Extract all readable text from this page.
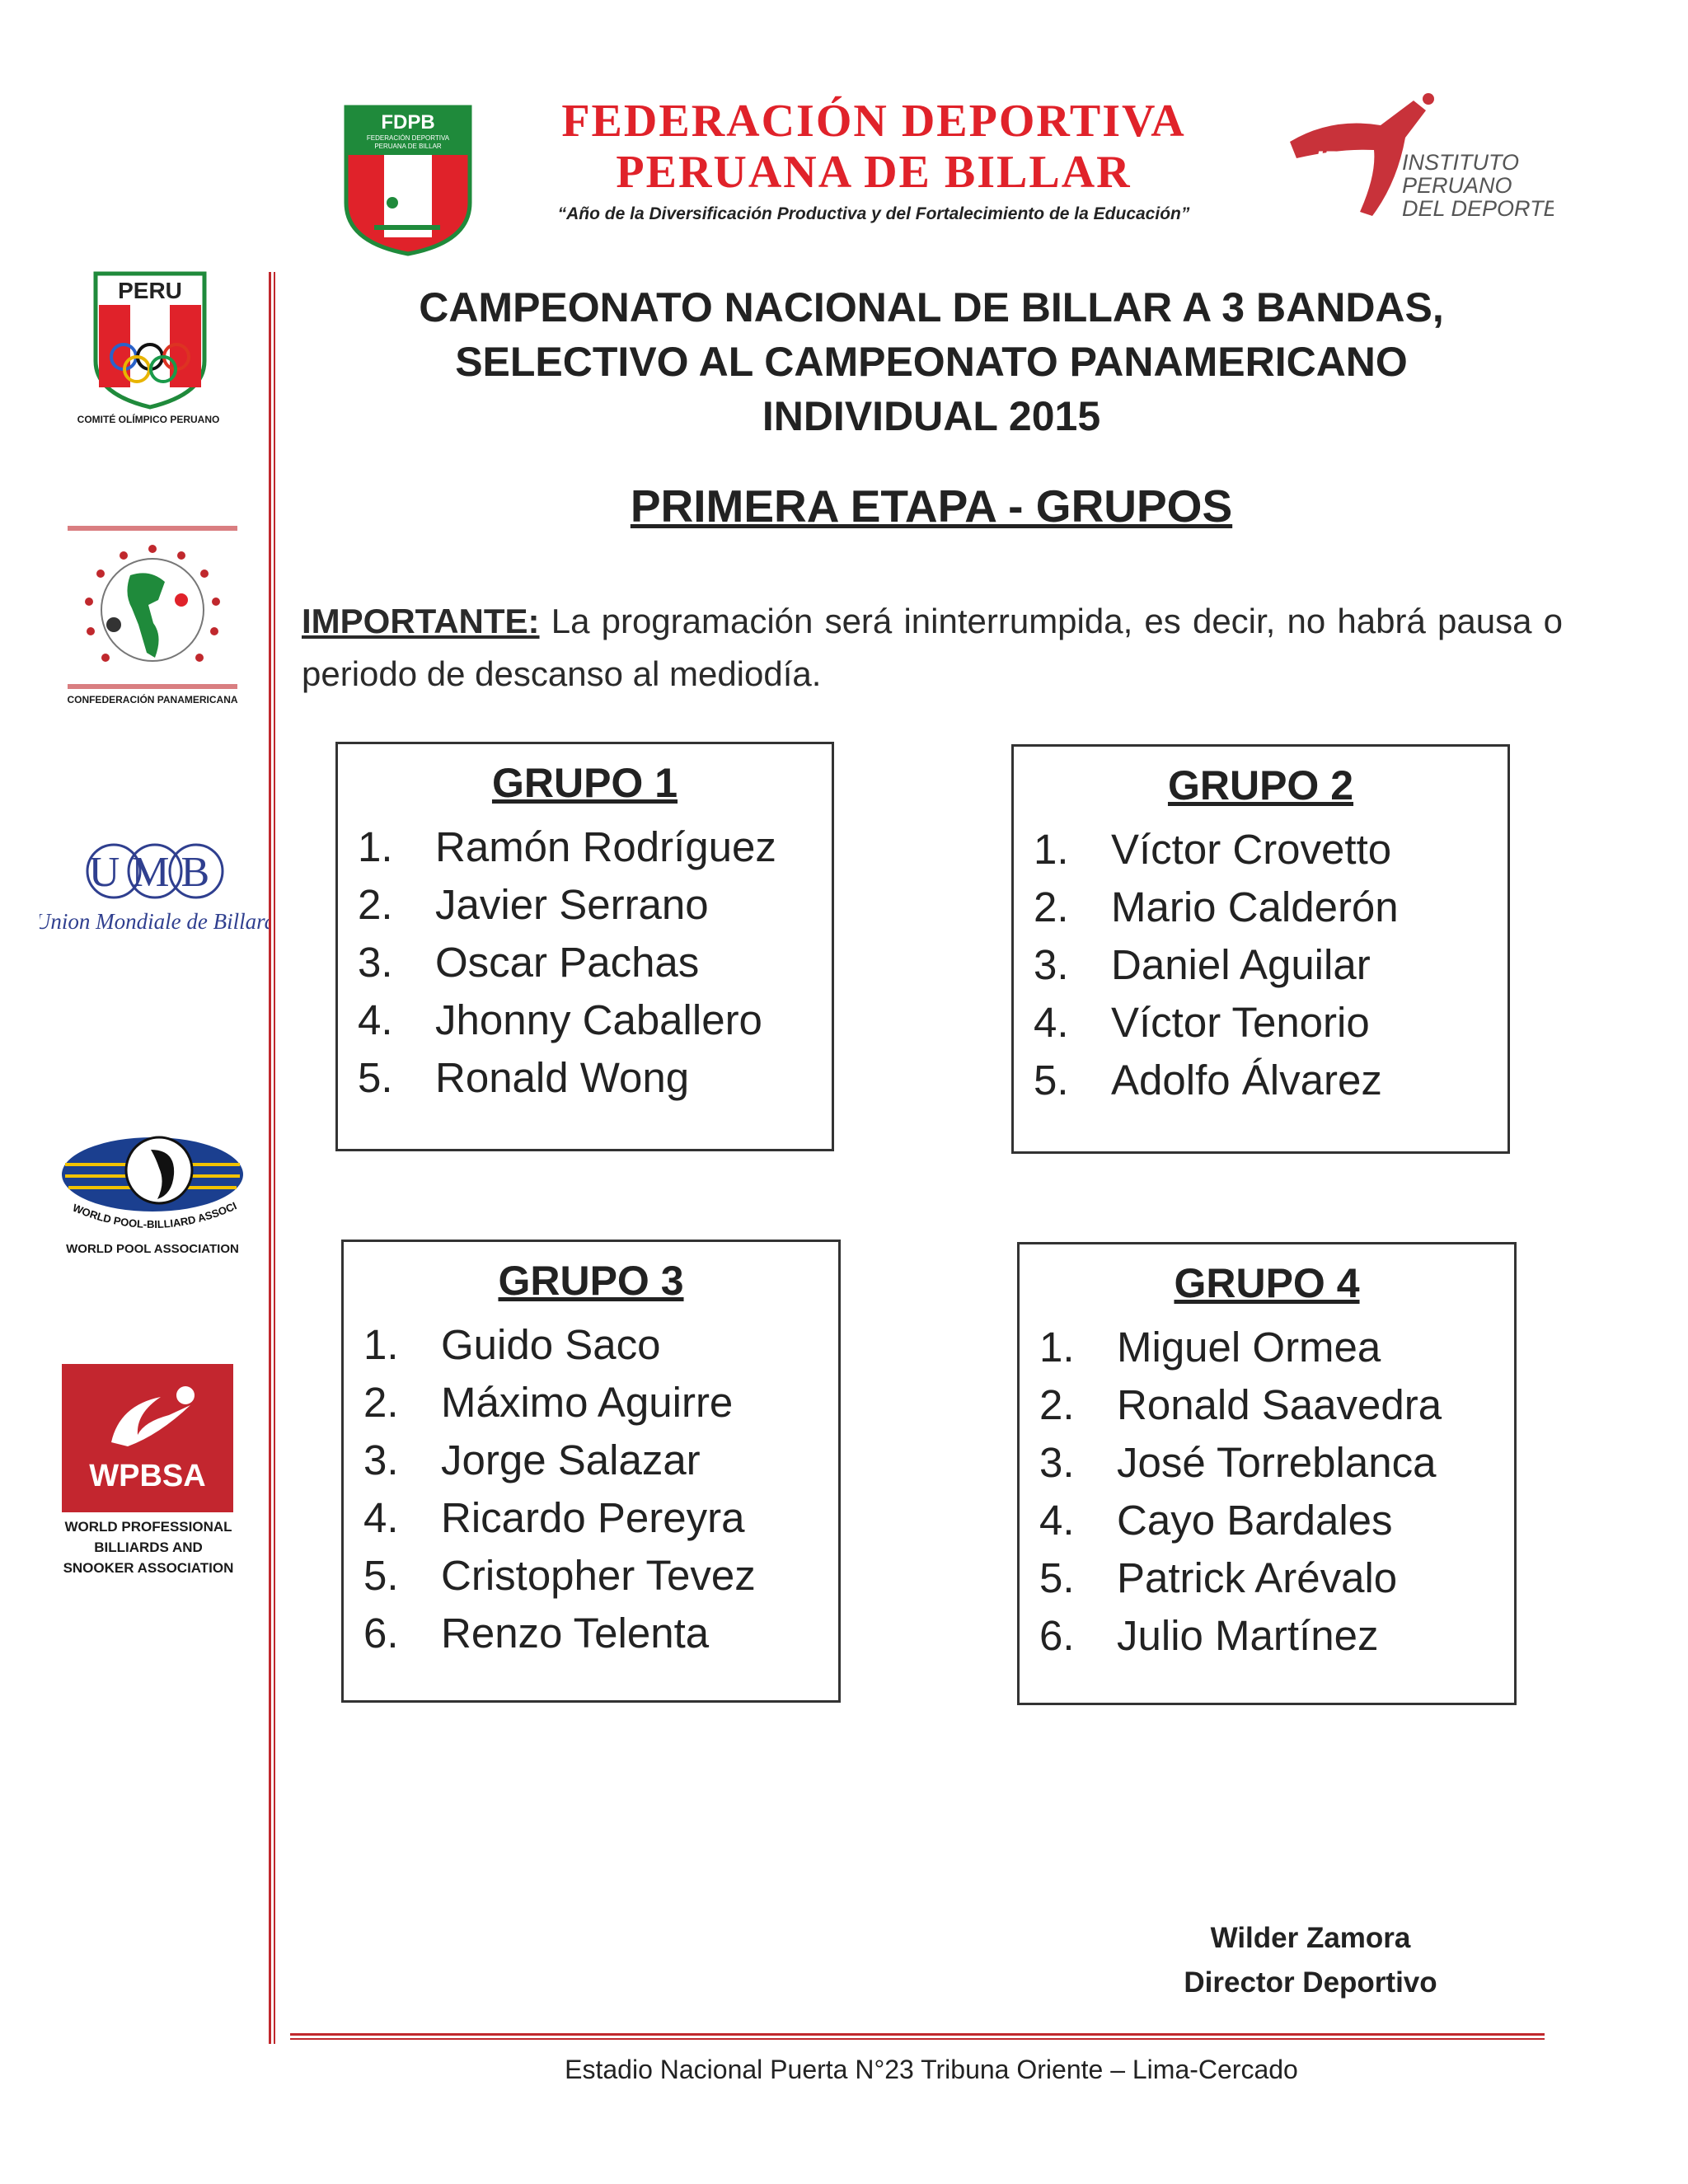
FDPB
FEDERACIÓN DEPORTIVA
PERUANA DE BILLAR	FEDERACIÓN DEPORTIVA
PERUANA DE BILLAR
“Año de la Diversificación Productiva y del Fortalecimiento de la Educación”
IPD INSTITUTO
PERUANO
DEL DEPORTE
PERU
COMITÉ OLÍMPICO PERUANO
CONFEDERACIÓN PANAMERICANA
UMB
Union Mondiale de Billard
WORLD POOL-BILLIARD ASSOCI
WORLD POOL ASSOCIATION
WPBSA
WORLD PROFESSIONAL
BILLIARDS AND
SNOOKER ASSOCIATION
CAMPEONATO NACIONAL DE BILLAR A 3 BANDAS,
SELECTIVO AL CAMPEONATO PANAMERICANO
INDIVIDUAL 2015
PRIMERA ETAPA - GRUPOS
IMPORTANTE: La programación será ininterrumpida, es decir, no habrá pausa o periodo de descanso al mediodía.
GRUPO 1
1. Ramón Rodríguez
2. Javier Serrano
3. Oscar Pachas
4. Jhonny Caballero
5. Ronald Wong
GRUPO 2
1. Víctor Crovetto
2. Mario Calderón
3. Daniel Aguilar
4. Víctor Tenorio
5. Adolfo Álvarez
GRUPO 3
1. Guido Saco
2. Máximo Aguirre
3. Jorge Salazar
4. Ricardo Pereyra
5. Cristopher Tevez
6. Renzo Telenta
GRUPO 4
1. Miguel Ormea
2. Ronald Saavedra
3. José Torreblanca
4. Cayo Bardales
5. Patrick Arévalo
6. Julio Martínez
Wilder Zamora
Director Deportivo
Estadio Nacional Puerta N°23 Tribuna Oriente – Lima-Cercado
